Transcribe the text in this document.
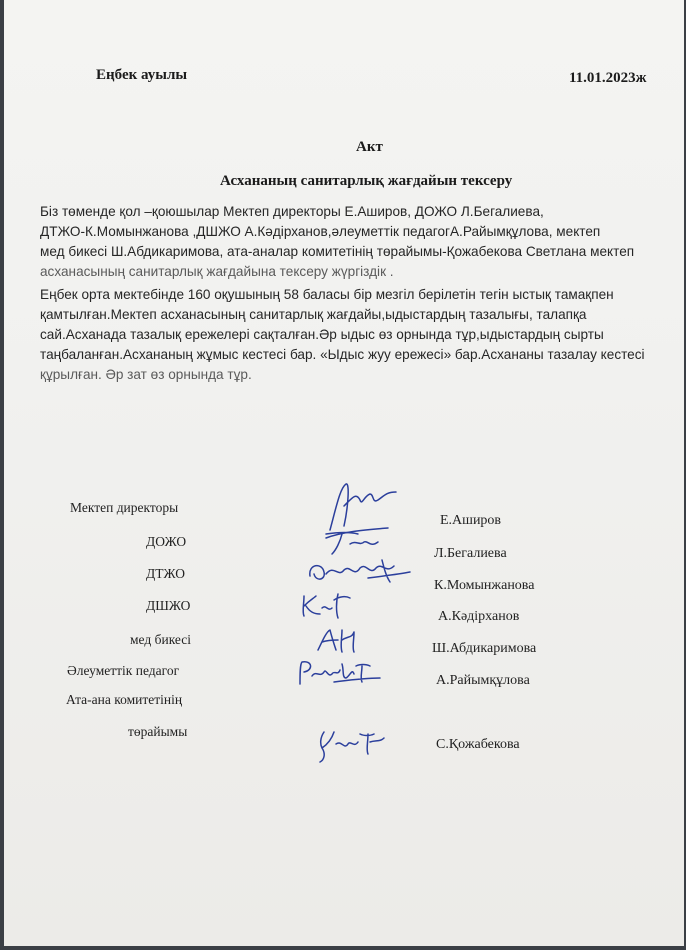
Еңбек ауылы	11.01.2023ж
Акт
Асхананың санитарлық жағдайын тексеру
Біз төменде қол –қоюшылар Мектеп директоры Е.Аширов, ДОЖО Л.Бегалиева,
ДТЖО-К.Момынжанова ,ДШЖО А.Кәдірханов,әлеуметтік педагогА.Райымқұлова, мектеп
мед бикесі Ш.Абдикаримова, ата-аналар комитетінің төрайымы-Қожабекова Светлана мектеп
асханасының санитарлық жағдайына тексеру жүргіздік .
Еңбек орта мектебінде 160 оқушының 58 баласы бір мезгіл берілетін тегін ыстық тамақпен
қамтылған.Мектеп асханасының санитарлық жағдайы,ыдыстардың тазалығы, талапқа
сай.Асханада тазалық ережелері сақталған.Әр ыдыс өз орнында тұр,ыдыстардың сырты
таңбаланған.Асхананың жұмыс кестесі бар. «Ыдыс жуу ережесі» бар.Асхананы тазалау кестесі
құрылған. Әр зат өз орнында тұр.
Мектеп директоры
ДОЖО
ДТЖО
ДШЖО
мед бикесі
Әлеуметтік педагог
Ата-ана комитетінің
төрайымы
Е.Аширов
Л.Бегалиева
К.Момынжанова
А.Кәдірханов
Ш.Абдикаримова
А.Райымқұлова
С.Қожабекова
